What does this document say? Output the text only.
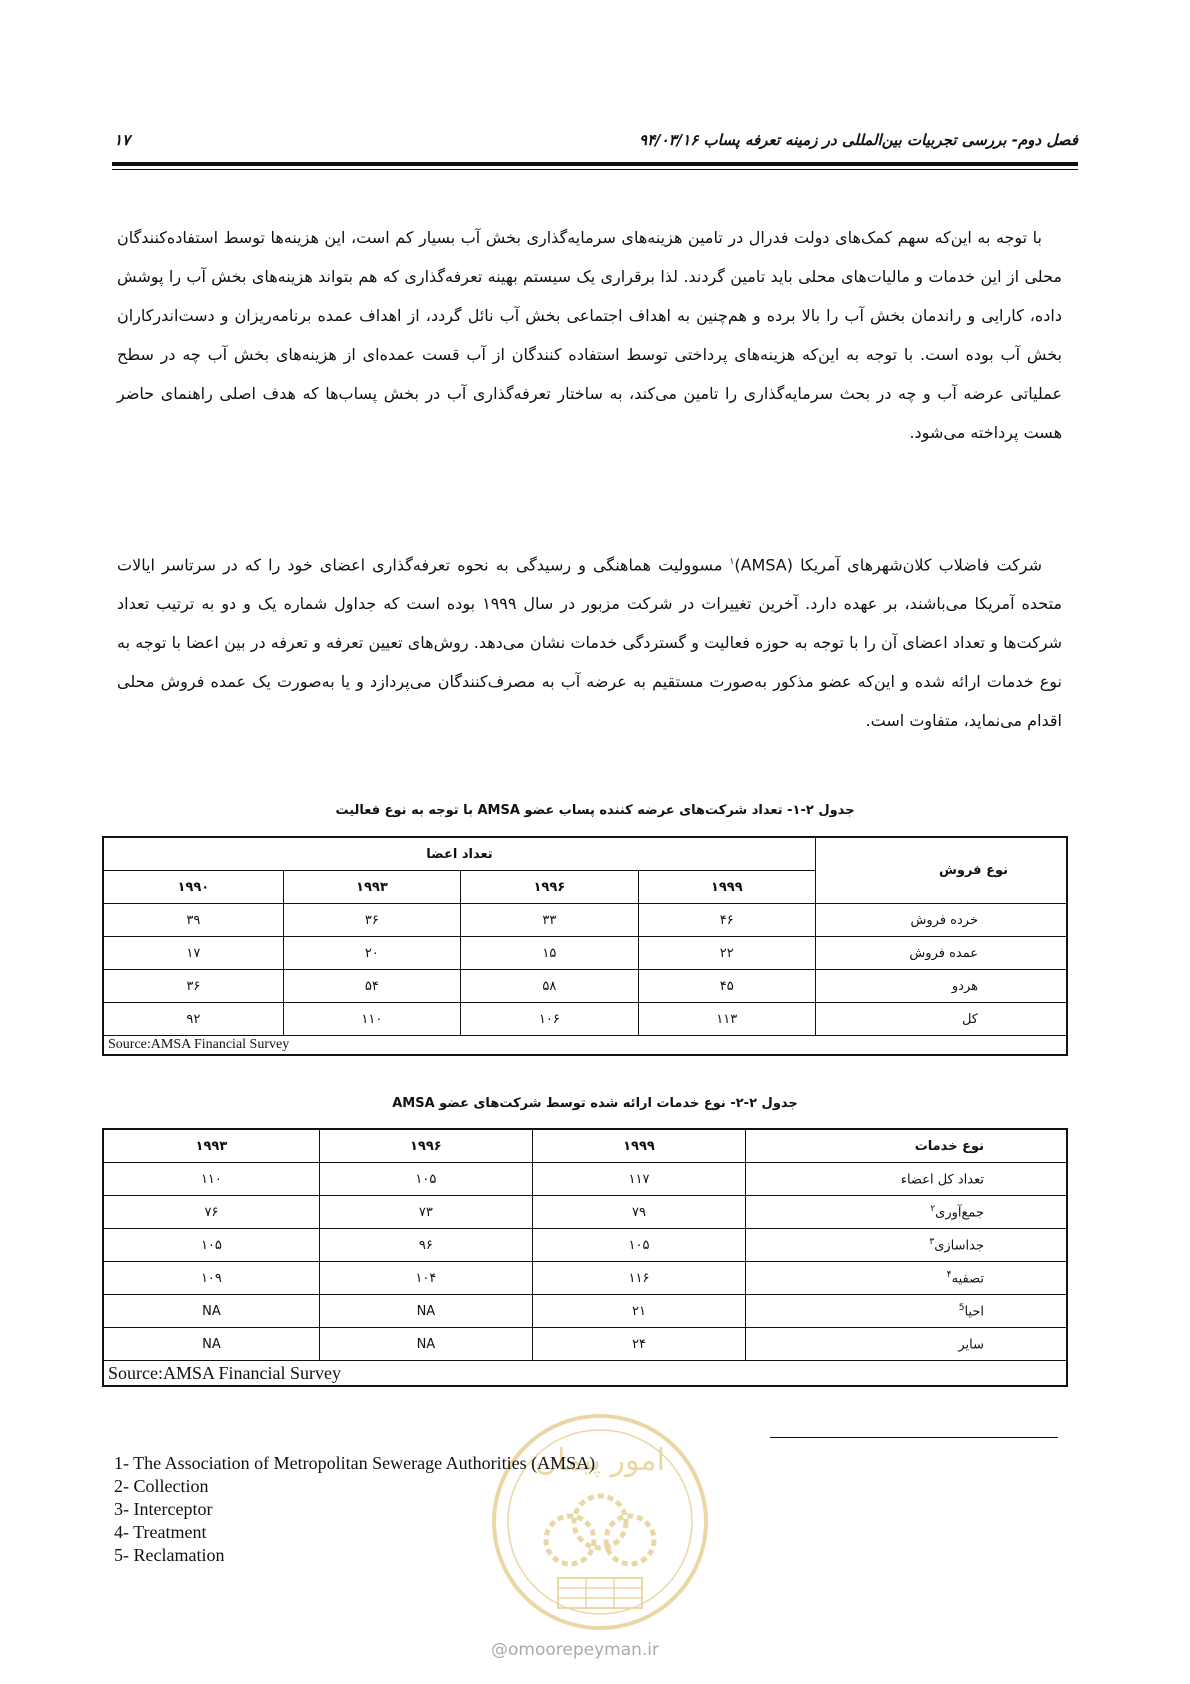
فصل دوم- بررسی تجربیات بین‌المللی در زمینه تعرفه پساب ۹۴/۰۳/۱۶
۱۷

با توجه به این‌که سهم کمک‌های دولت فدرال در تامین هزینه‌های سرمایه‌گذاری بخش آب بسیار کم است، این هزینه‌ها توسط استفاده‌کنندگان محلی از این خدمات و مالیات‌های محلی باید تامین گردند. لذا برقراری یک سیستم بهینه تعرفه‌گذاری که هم بتواند هزینه‌های بخش آب را پوشش داده، کارایی و راندمان بخش آب را بالا برده و هم‌چنین به اهداف اجتماعی بخش آب نائل گردد، از اهداف عمده برنامه‌ریزان و دست‌اندرکاران بخش آب بوده است. با توجه به این‌که هزینه‌های پرداختی توسط استفاده کنندگان از آب قست عمده‌ای از هزینه‌های بخش آب چه در سطح عملیاتی عرضه آب و چه در بحث سرمایه‌گذاری را تامین می‌کند، به ساختار تعرفه‌گذاری آب در بخش پساب‌ها که هدف اصلی راهنمای حاضر هست پرداخته می‌شود.

شرکت فاضلاب کلان‌شهرهای آمریکا (AMSA)$^۱$ مسوولیت هماهنگی و رسیدگی به نحوه تعرفه‌گذاری اعضای خود را که در سرتاسر ایالات متحده آمریکا می‌باشند، بر عهده دارد. آخرین تغییرات در شرکت مزبور در سال ۱۹۹۹ بوده است که جداول شماره یک و دو به ترتیب تعداد شرکت‌ها و تعداد اعضای آن را با توجه به حوزه فعالیت و گستردگی خدمات نشان می‌دهد. روش‌های تعیین تعرفه و تعرفه در بین اعضا با توجه به نوع خدمات ارائه شده و این‌که عضو مذکور به‌صورت مستقیم به عرضه آب به مصرف‌کنندگان می‌پردازد و یا به‌صورت یک عمده فروش محلی اقدام می‌نماید، متفاوت است.

جدول ۲-۱- تعداد شرکت‌های عرضه کننده پساب عضو AMSA با توجه به نوع فعالیت
نوع فروش	تعداد اعضا			
	۱۹۹۹	۱۹۹۶	۱۹۹۳	۱۹۹۰
خرده فروش	۴۶	۳۳	۳۶	۳۹
عمده فروش	۲۲	۱۵	۲۰	۱۷
هردو	۴۵	۵۸	۵۴	۳۶
کل	۱۱۳	۱۰۶	۱۱۰	۹۲
Source:AMSA Financial Survey				
جدول ۲-۲- نوع خدمات ارائه شده توسط شرکت‌های عضو AMSA
نوع خدمات	۱۹۹۹	۱۹۹۶	۱۹۹۳
تعداد کل اعضاء	۱۱۷	۱۰۵	۱۱۰
جمع‌آوری$^۲$	۷۹	۷۳	۷۶
جداسازی$^۳$	۱۰۵	۹۶	۱۰۵
تصفیه$^۴$	۱۱۶	۱۰۴	۱۰۹
احیا$^5$	۲۱	NA	NA
سایر	۲۴	NA	NA
Source:AMSA Financial Survey			
امور پیمان
1- The Association of Metropolitan Sewerage Authorities (AMSA)
2- Collection
3- Interceptor
4- Treatment
5- Reclamation
@omoorepeyman.ir
